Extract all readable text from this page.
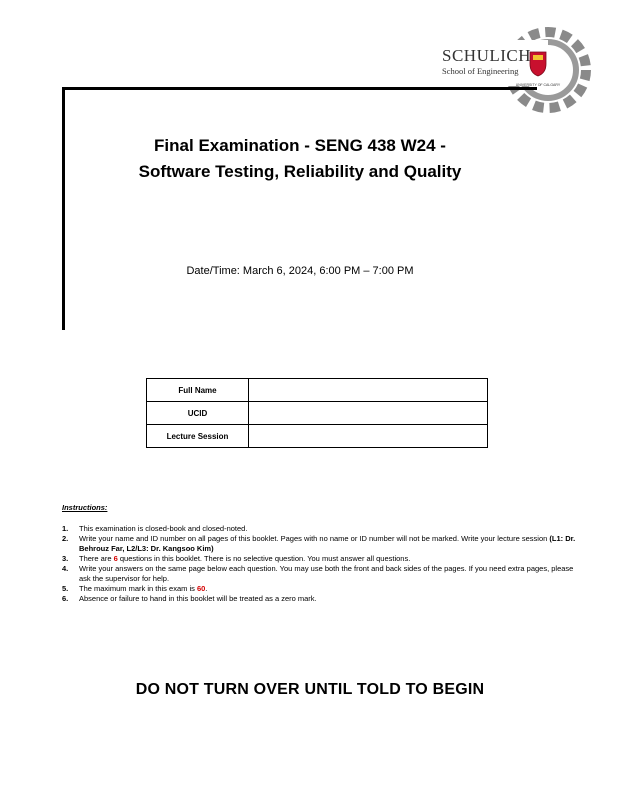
UNIVERSITY OF CALGARY
SCHULICH
School of Engineering
Final Examination - SENG 438 W24 -
Software Testing, Reliability and Quality
Date/Time: March 6, 2024, 6:00 PM – 7:00 PM
Full Name	
UCID	
Lecture Session	
Instructions:
1. This examination is closed-book and closed-noted.
2. Write your name and ID number on all pages of this booklet. Pages with no name or ID number will not be marked. Write your lecture session (L1: Dr. Behrouz Far, L2/L3: Dr. Kangsoo Kim)
3. There are 6 questions in this booklet. There is no selective question. You must answer all questions.
4. Write your answers on the same page below each question. You may use both the front and back sides of the pages. If you need extra pages, please ask the supervisor for help.
5. The maximum mark in this exam is 60.
6. Absence or failure to hand in this booklet will be treated as a zero mark.
DO NOT TURN OVER UNTIL TOLD TO BEGIN
